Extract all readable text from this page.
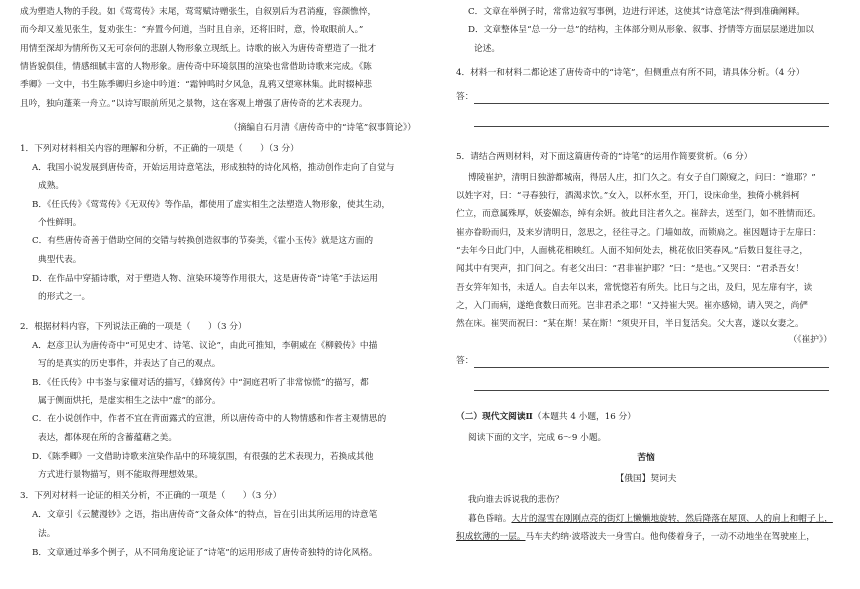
成为塑造人物的手段。如《莺莺传》末尾，莺莺赋诗赠张生，自叙别后为君消瘦，容颜憔悴，
而今却又羞见张生，复劝张生：“弃置今何道，当时且自亲，还将旧时，意，怜取眼前人。”
用情至深却为情所伤又无可奈何的悲剧人物形象立现纸上。诗歌的嵌入为唐传奇塑造了一批才
情皆貌俱佳，情感细腻丰富的人物形象。唐传奇中环境氛围的渲染也常借助诗歌来完成。《陈
季卿》一文中，书生陈季卿归乡途中吟道：“霜钟鸣时夕风急，乱鸦又望寒林集。此时辍棹悲
且吟，独向蓬莱一舟立。”以诗写眼前所见之景物，这在客观上增强了唐传奇的艺术表现力。
（摘编自石月清《唐传奇中的“诗笔”叙事简论》）
1．下列对材料相关内容的理解和分析，不正确的一项是（　　）（3 分）
A．我国小说发展到唐传奇，开始运用诗意笔法，形成独特的诗化风格，推动创作走向了自觉与
成熟。
B．《任氏传》《莺莺传》《无双传》等作品，都使用了虚实相生之法塑造人物形象，使其生动，
个性鲜明。
C．有些唐传奇善于借助空间的交错与转换创造叙事的节奏美，《霍小玉传》就是这方面的
典型代表。
D．在作品中穿插诗歌，对于塑造人物、渲染环境等作用很大，这是唐传奇“诗笔”手法运用
的形式之一。
2．根据材料内容，下列说法正确的一项是（　　）（3 分）
A．赵彦卫认为唐传奇中“可见史才、诗笔、议论”，由此可推知，李朝威在《柳毅传》中描
写的是真实的历史事件，并表达了自己的观点。
B．《任氏传》中韦崟与家僮对话的描写，《蜂窝传》中“洞庭君听了非常惊慌”的描写，都
属于侧面烘托，是虚实相生之法中“虚”的部分。
C．在小说创作中，作者不宜在背面露式的宣泄，所以唐传奇中的人物情感和作者主观情思的
表达，都体现在所的含蓄蕴藉之美。
D．《陈季卿》一文借助诗歌来渲染作品中的环境氛围，有很强的艺术表现力，若换成其他
方式进行景物描写，则不能取得理想效果。
3．下列对材料一论证的相关分析，不正确的一项是（　　）（3 分）
A．文章引《云麓漫钞》之语，指出唐传奇“文备众体”的特点，旨在引出其所运用的诗意笔
法。
B．文章通过举多个例子，从不同角度论证了“诗笔”的运用形成了唐传奇独特的诗化风格。
C．文章在举例子时，常常边叙写事例，边进行评述，这使其“诗意笔法”得到准确阐释。
D．文章整体呈“总一分一总”的结构，主体部分则从形象、叙事、抒情等方面层层递进加以
论述。
4．材料一和材料二都论述了唐传奇中的“诗笔”，但侧重点有所不同，请具体分析。（4 分）
答：
5．请结合两则材料，对下面这篇唐传奇的“诗笔”的运用作简要赏析。（6 分）
博陵崔护，清明日独游都城南，得居人庄，扣门久之。有女子自门隙窥之，问曰：“谁耶？”
以姓字对，曰：“寻春独行，酒渴求饮。”女入，以杯水至，开门，设床命坐，独倚小桃斜柯
伫立，而意属殊厚，妖姿媚态，绰有余妍。彼此目注者久之。崔辞去，送至门，如不胜情而还。
崔亦眷盼而归，及来岁清明日，忽思之，径往寻之。门墙如故，而锁扃之。崔因题诗于左扉曰：
“去年今日此门中，人面桃花相映红。人面不知何处去，桃花依旧笑春风。”后数日复往寻之，
闻其中有哭声，扣门问之。有老父出曰：“君非崔护耶？”曰：“是也。”又哭曰：“君杀吾女！
吾女笄年知书，未适人。自去年以来，常恍惚若有所失。比日与之出，及归，见左扉有字，读
之，入门而病，遂绝食数日而死。岂非君杀之耶！”又持崔大哭。崔亦感恸，请入哭之，尚俨
然在床。崔哭而祝曰：“某在斯！某在斯！”须臾开目，半日复活矣。父大喜，遂以女妻之。
（《崔护》）
答：
（二）现代文阅读Ⅱ（本题共 4 小题，16 分）
阅读下面的文字，完成 6～9 小题。
苦恼
【俄国】契诃夫
我向谁去诉说我的悲伤？
暮色昏暗。大片的湿雪在刚刚点亮的街灯上懒懒地旋转，然后降落在屋顶、人的肩上和帽子上，
积成软薄的一层。马车夫约纳·波塔波夫一身雪白。他佝偻着身子，一动不动地坐在驾驶座上，
